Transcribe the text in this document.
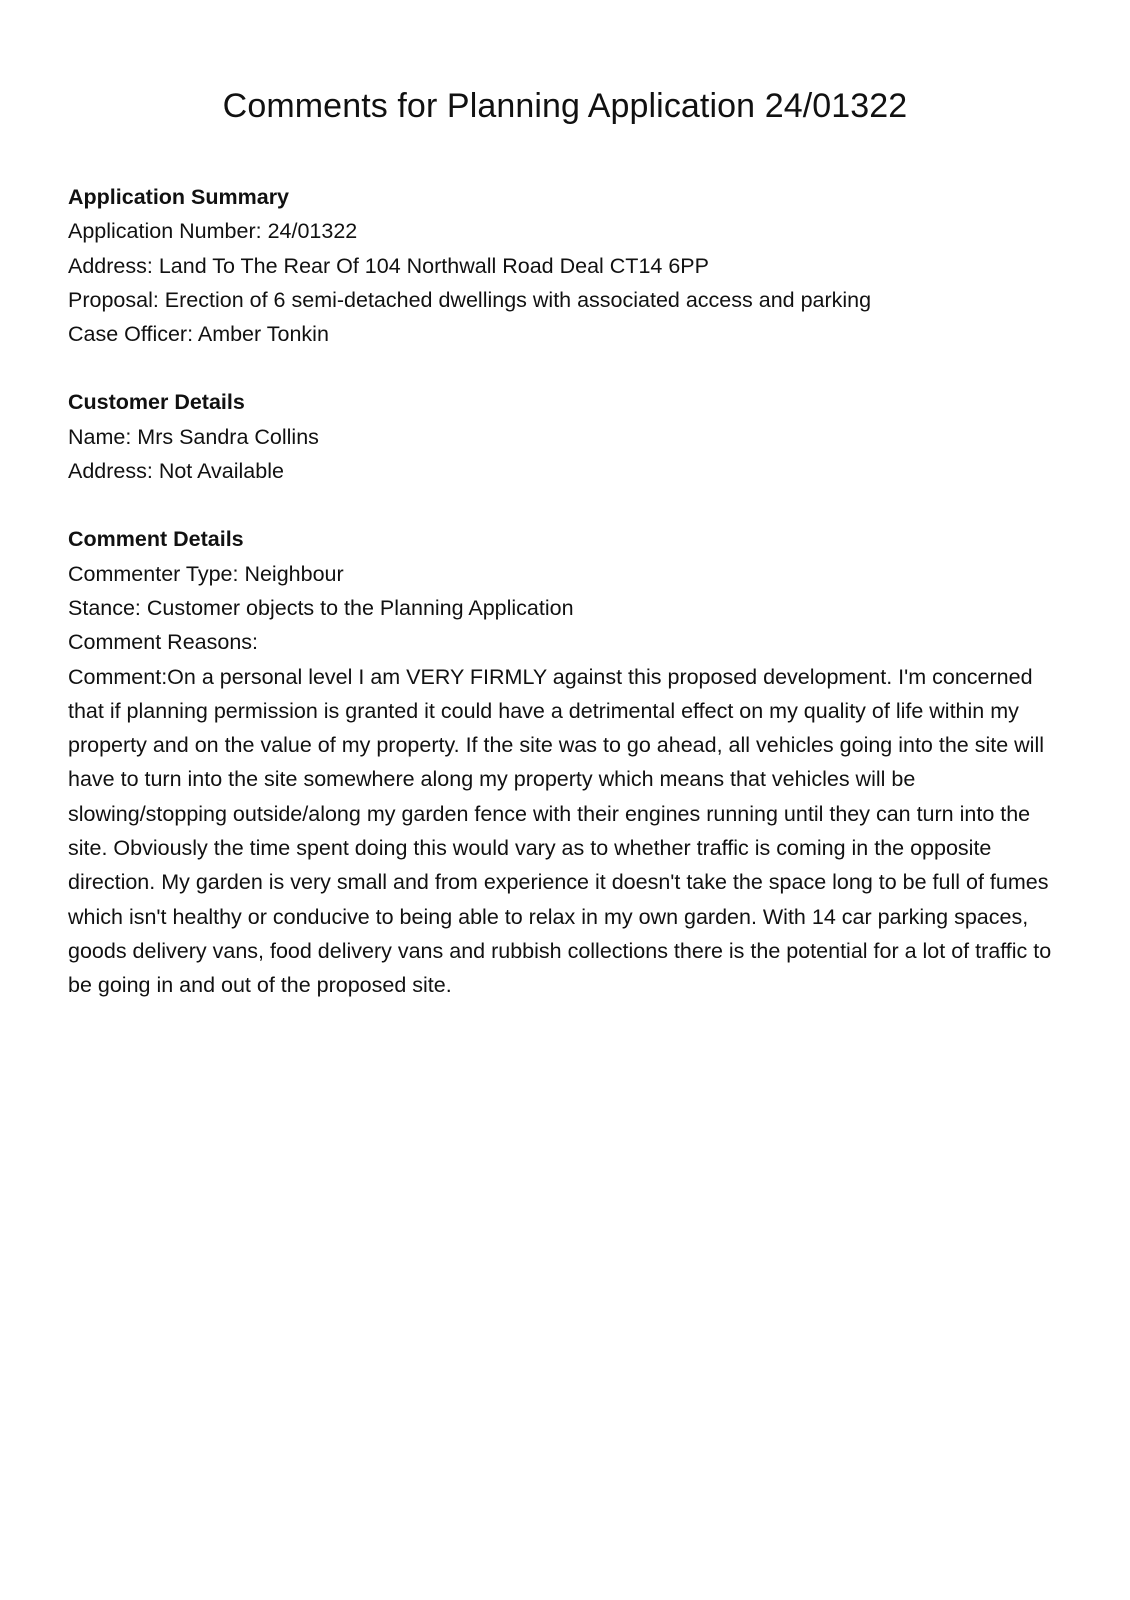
Comments for Planning Application 24/01322

Application Summary

Application Number: 24/01322

Address: Land To The Rear Of 104 Northwall Road Deal CT14 6PP

Proposal: Erection of 6 semi-detached dwellings with associated access and parking

Case Officer: Amber Tonkin

Customer Details

Name: Mrs Sandra Collins

Address: Not Available

Comment Details

Commenter Type: Neighbour

Stance: Customer objects to the Planning Application

Comment Reasons:

Comment:On a personal level I am VERY FIRMLY against this proposed development. I'm concerned that if planning permission is granted it could have a detrimental effect on my quality of life within my property and on the value of my property. If the site was to go ahead, all vehicles going into the site will have to turn into the site somewhere along my property which means that vehicles will be slowing/stopping outside/along my garden fence with their engines running until they can turn into the site. Obviously the time spent doing this would vary as to whether traffic is coming in the opposite direction. My garden is very small and from experience it doesn't take the space long to be full of fumes which isn't healthy or conducive to being able to relax in my own garden. With 14 car parking spaces, goods delivery vans, food delivery vans and rubbish collections there is the potential for a lot of traffic to be going in and out of the proposed site.
